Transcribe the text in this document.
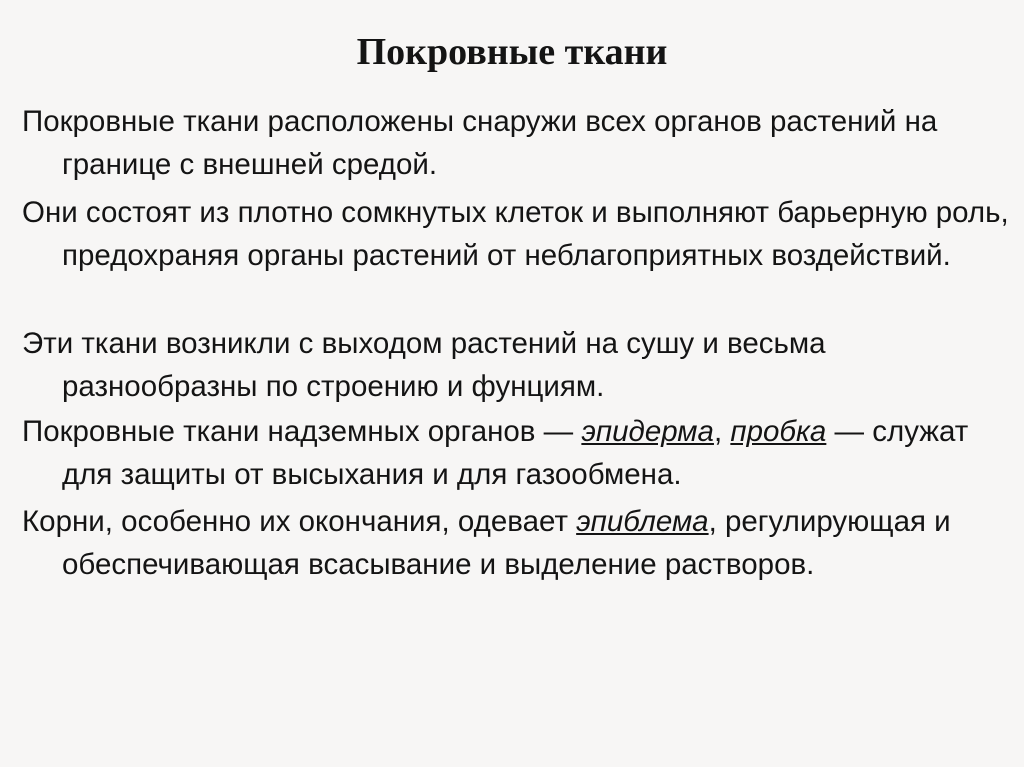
Покровные ткани

Покровные ткани расположены снаружи всех органов растений на границе с внешней средой.

Они состоят из плотно сомкнутых клеток и выполняют барьерную роль, предохраняя органы растений от неблагоприятных воздействий.

Эти ткани возникли с выходом растений на сушу и весьма разнообразны по строению и фунциям.

Покровные ткани надземных органов — эпидерма, пробка — служат для защиты от высыхания и для газообмена.

Корни, особенно их окончания, одевает эпиблема, регулирующая и обеспечивающая всасывание и выделение растворов.
